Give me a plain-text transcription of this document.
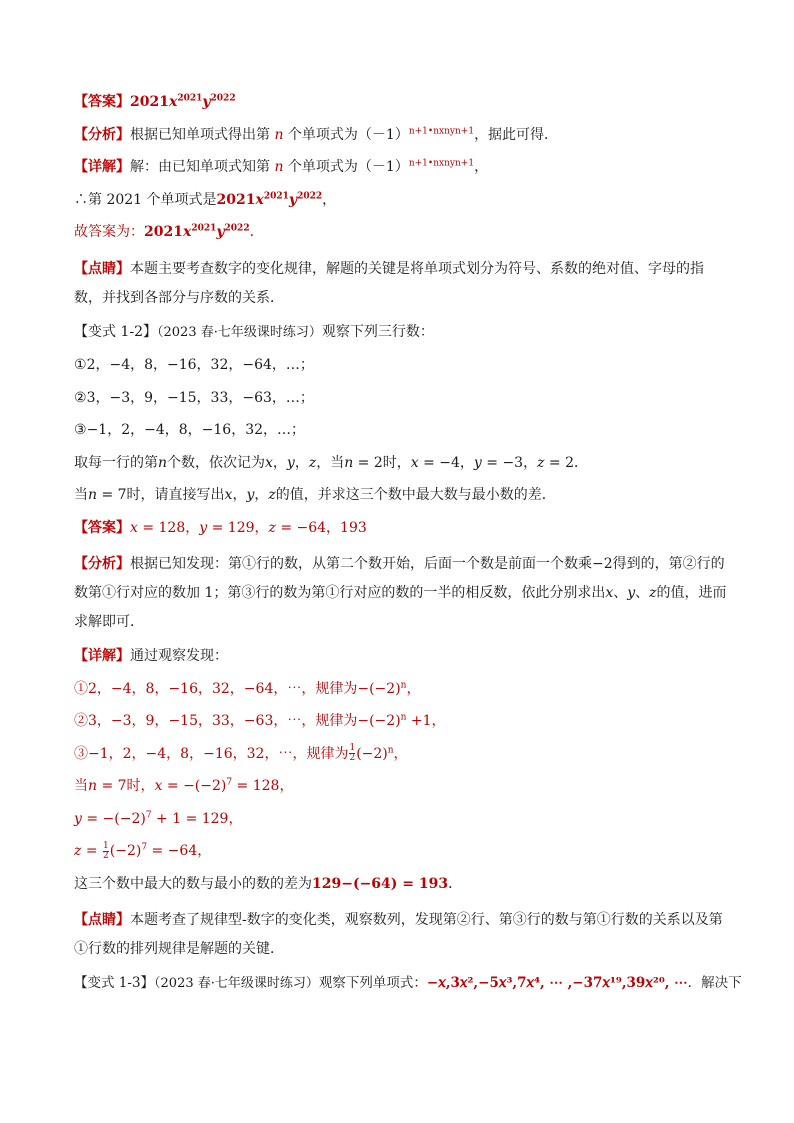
【答案】$2021x^{2021}y^{2022}$
【分析】根据已知单项式得出第 n 个单项式为$(-1)^{n+1•nxnyn+1}$，据此可得．
【详解】解：由已知单项式知第 n 个单项式为$(-1)^{n+1•nxnyn+1}$，
∴第 2021 个单项式是$2021x^{2021}y^{2022}$，
故答案为：$2021x^{2021}y^{2022}$．
【点睛】本题主要考查数字的变化规律，解题的关键是将单项式划分为符号、系数的绝对值、字母的指数，并找到各部分与序数的关系．
【变式 1-2】（2023 春·七年级课时练习）观察下列三行数：
①2，−4，8，−16，32，−64，…；
②3，−3，9，−15，33，−63，…；
③−1，2，−4，8，−16，32，…；
取每一行的第𝑛个数，依次记为𝑥，𝑦，𝑧，当𝑛 = 2时，𝑥 = −4，𝑦 = −3，𝑧 = 2．
当𝑛 = 7时，请直接写出𝑥，𝑦，𝑧的值，并求这三个数中最大数与最小数的差．
【答案】𝑥 = 128，𝑦 = 129，𝑧 = −64，193
【分析】根据已知发现：第①行的数，从第二个数开始，后面一个数是前面一个数乘−2得到的，第②行的数第①行对应的数加 1；第③行的数为第①行对应的数的一半的相反数，依此分别求出𝑥、𝑦、𝑧的值，进而求解即可．
【详解】通过观察发现：
①2，−4，8，−16，32，−64，⋯，规律为$-(-2)^n$，
②3，−3，9，−15，33，−63，⋯，规律为$-(-2)^n +1$，
③−1，2，−4，8，−16，32，⋯，规律为 $\frac{1}{2} (-2)^n$，
当𝑛 = 7时，𝑥 = $-(-2)^7 = 128$，
𝑦 = $-(-2)^7 + 1 = 129$，
𝑧 = $\frac{1}{2} (-2)^7 = -64$，
这三个数中最大的数与最小的数的差为129−(−64) = 193．
【点睛】本题考查了规律型-数字的变化类，观察数列，发现第②行、第③行的数与第①行数的关系以及第①行数的排列规律是解题的关键．
【变式 1-3】（2023 春·七年级课时练习）观察下列单项式：−𝑥,3𝑥²,−5𝑥³,7𝑥⁴, ⋯ ,−37𝑥¹⁹,39𝑥²⁰, ⋯．解决下
